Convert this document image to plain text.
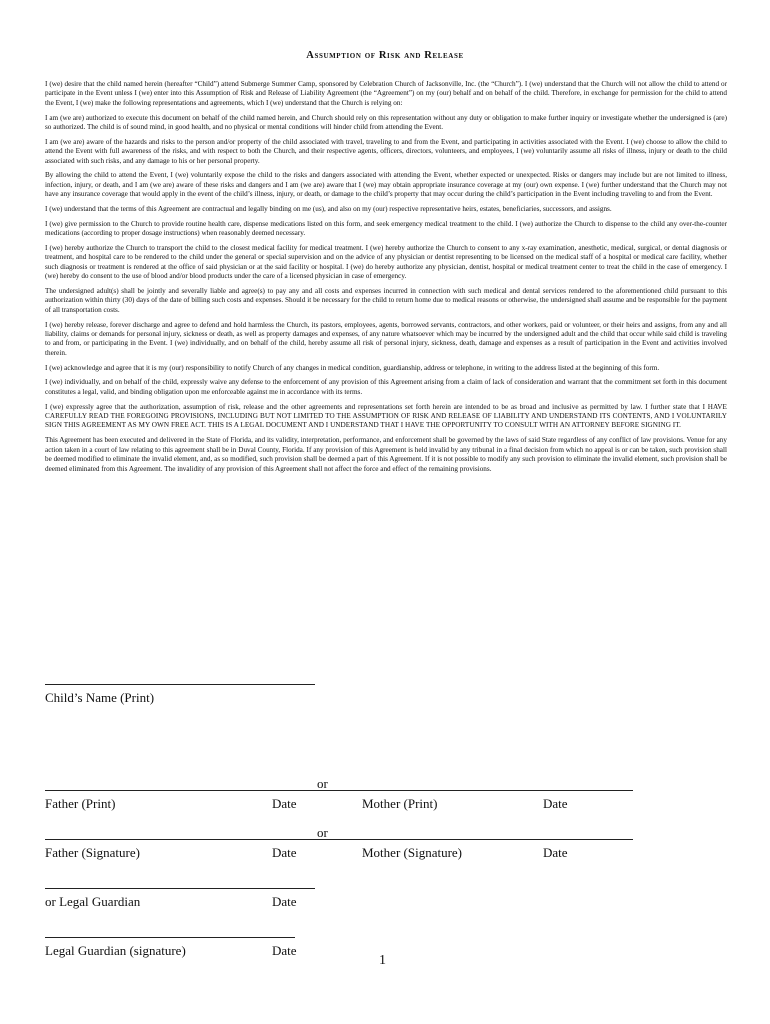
Assumption of Risk and Release

I (we) desire that the child named herein (hereafter “Child”) attend Submerge Summer Camp, sponsored by Celebration Church of Jacksonville, Inc. (the “Church”). I (we) understand that the Church will not allow the child to attend or participate in the Event unless I (we) enter into this Assumption of Risk and Release of Liability Agreement (the “Agreement”) on my (our) behalf and on behalf of the child. Therefore, in exchange for permission for the child to attend the Event, I (we) make the following representations and agreements, which I (we) understand that the Church is relying on:

I am (we are) authorized to execute this document on behalf of the child named herein, and Church should rely on this representation without any duty or obligation to make further inquiry or investigate whether the undersigned is (are) so authorized. The child is of sound mind, in good health, and no physical or mental conditions will hinder child from attending the Event.

I am (we are) aware of the hazards and risks to the person and/or property of the child associated with travel, traveling to and from the Event, and participating in activities associated with the Event. I (we) choose to allow the child to attend the Event with full awareness of the risks, and with respect to both the Church, and their respective agents, officers, directors, volunteers, and employees, I (we) voluntarily assume all risks of illness, injury or death to the child associated with such risks, and any damage to his or her personal property.

By allowing the child to attend the Event, I (we) voluntarily expose the child to the risks and dangers associated with attending the Event, whether expected or unexpected. Risks or dangers may include but are not limited to illness, infection, injury, or death, and I am (we are) aware of these risks and dangers and I am (we are) aware that I (we) may obtain appropriate insurance coverage at my (our) own expense. I (we) further understand that the Church may not have any insurance coverage that would apply in the event of the child’s illness, injury, or death, or damage to the child’s property that may occur during the child’s participation in the Event including traveling to and from the Event.

I (we) understand that the terms of this Agreement are contractual and legally binding on me (us), and also on my (our) respective representative heirs, estates, beneficiaries, successors, and assigns.

I (we) give permission to the Church to provide routine health care, dispense medications listed on this form, and seek emergency medical treatment to the child. I (we) authorize the Church to dispense to the child any over-the-counter medications (according to proper dosage instructions) when reasonably deemed necessary.

I (we) hereby authorize the Church to transport the child to the closest medical facility for medical treatment. I (we) hereby authorize the Church to consent to any x-ray examination, anesthetic, medical, surgical, or dental diagnosis or treatment, and hospital care to be rendered to the child under the general or special supervision and on the advice of any physician or dentist representing to be licensed on the medical staff of a hospital or medical care facility, whether such diagnosis or treatment is rendered at the office of said physician or at the said facility or hospital. I (we) do hereby authorize any physician, dentist, hospital or medical treatment center to treat the child in the case of emergency. I (we) hereby do consent to the use of blood and/or blood products under the care of a licensed physician in case of emergency.

The undersigned adult(s) shall be jointly and severally liable and agree(s) to pay any and all costs and expenses incurred in connection with such medical and dental services rendered to the aforementioned child pursuant to this authorization within thirty (30) days of the date of billing such costs and expenses. Should it be necessary for the child to return home due to medical reasons or otherwise, the undersigned shall assume and be responsible for the payment of all transportation costs.

I (we) hereby release, forever discharge and agree to defend and hold harmless the Church, its pastors, employees, agents, borrowed servants, contractors, and other workers, paid or volunteer, or their heirs and assigns, from any and all liability, claims or demands for personal injury, sickness or death, as well as property damages and expenses, of any nature whatsoever which may be incurred by the undersigned adult and the child that occur while said child is traveling to and from, or participating in the Event. I (we) individually, and on behalf of the child, hereby assume all risk of personal injury, sickness, death, damage and expenses as a result of participation in the Event and activities involved therein.

I (we) acknowledge and agree that it is my (our) responsibility to notify Church of any changes in medical condition, guardianship, address or telephone, in writing to the address listed at the beginning of this form.

I (we) individually, and on behalf of the child, expressly waive any defense to the enforcement of any provision of this Agreement arising from a claim of lack of consideration and warrant that the commitment set forth in this document constitutes a legal, valid, and binding obligation upon me enforceable against me in accordance with its terms.

I (we) expressly agree that the authorization, assumption of risk, release and the other agreements and representations set forth herein are intended to be as broad and inclusive as permitted by law. I further state that I HAVE CAREFULLY READ THE FOREGOING PROVISIONS, INCLUDING BUT NOT LIMITED TO THE ASSUMPTION OF RISK AND RELEASE OF LIABILITY AND UNDERSTAND ITS CONTENTS, AND I VOLUNTARILY SIGN THIS AGREEMENT AS MY OWN FREE ACT. THIS IS A LEGAL DOCUMENT AND I UNDERSTAND THAT I HAVE THE OPPORTUNITY TO CONSULT WITH AN ATTORNEY BEFORE SIGNING IT.

This Agreement has been executed and delivered in the State of Florida, and its validity, interpretation, performance, and enforcement shall be governed by the laws of said State regardless of any conflict of law provisions. Venue for any action taken in a court of law relating to this agreement shall be in Duval County, Florida. If any provision of this Agreement is held invalid by any tribunal in a final decision from which no appeal is or can be taken, such provision shall be deemed modified to eliminate the invalid element, and, as so modified, such provision shall be deemed a part of this Agreement. If it is not possible to modify any such provision to eliminate the invalid element, such provision shall be deemed eliminated from this Agreement. The invalidity of any provision of this Agreement shall not affect the force and effect of the remaining provisions.

Child’s Name (Print)
or
Father (Print)	Date	Mother (Print)	Date
or
Father (Signature)	Date	Mother (Signature)	Date
or Legal Guardian	Date
Legal Guardian (signature)	Date
1
